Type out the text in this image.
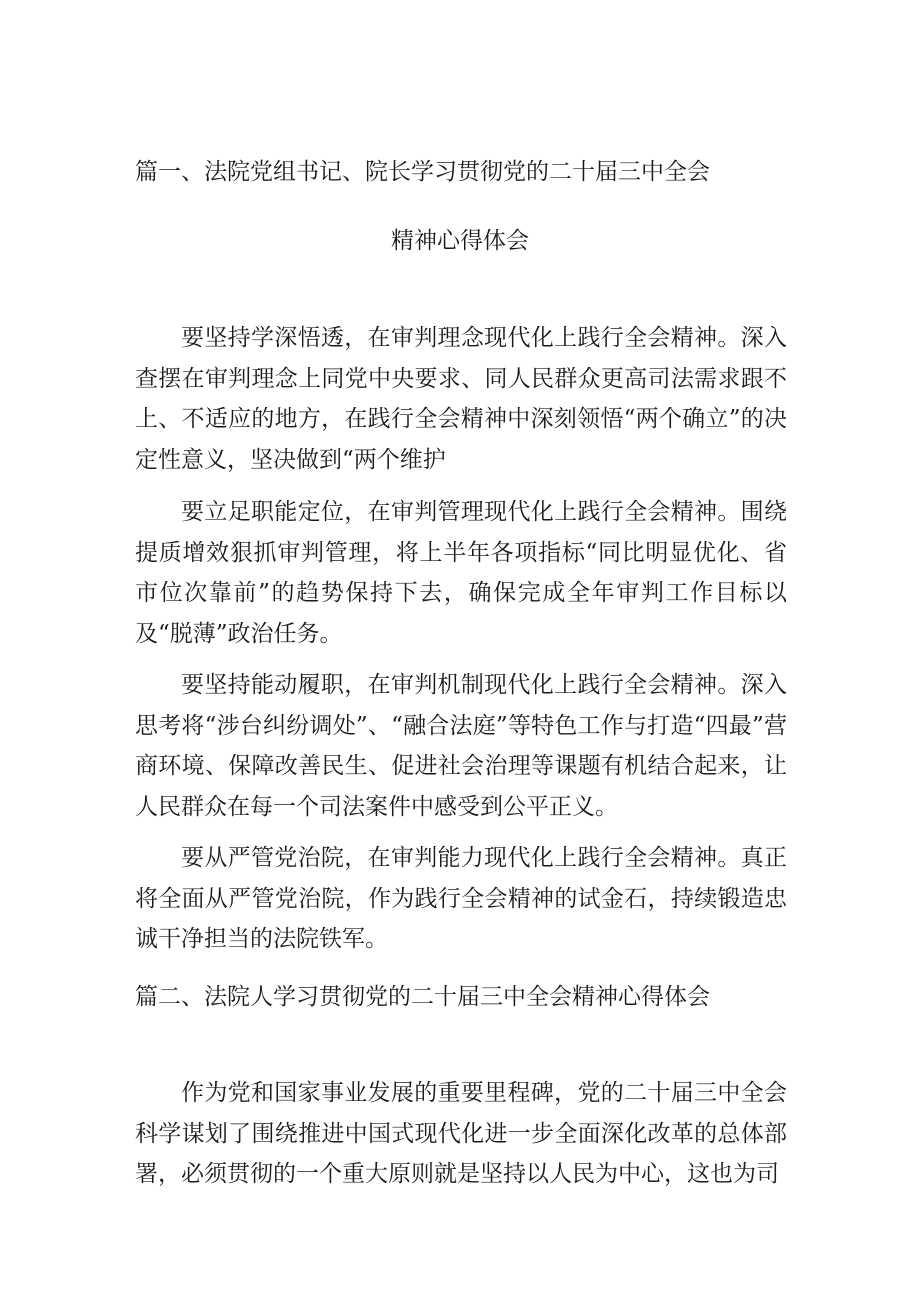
篇一、法院党组书记、院长学习贯彻党的二十届三中全会
精神心得体会

要坚持学深悟透，在审判理念现代化上践行全会精神。深入查摆在审判理念上同党中央要求、同人民群众更高司法需求跟不上、不适应的地方，在践行全会精神中深刻领悟“两个确立”的决定性意义，坚决做到“两个维护

要立足职能定位，在审判管理现代化上践行全会精神。围绕提质增效狠抓审判管理，将上半年各项指标“同比明显优化、省市位次靠前”的趋势保持下去，确保完成全年审判工作目标以及“脱薄”政治任务。

要坚持能动履职，在审判机制现代化上践行全会精神。深入思考将“涉台纠纷调处”、“融合法庭”等特色工作与打造“四最”营商环境、保障改善民生、促进社会治理等课题有机结合起来，让人民群众在每一个司法案件中感受到公平正义。

要从严管党治院，在审判能力现代化上践行全会精神。真正将全面从严管党治院，作为践行全会精神的试金石，持续锻造忠诚干净担当的法院铁军。

篇二、法院人学习贯彻党的二十届三中全会精神心得体会

作为党和国家事业发展的重要里程碑，党的二十届三中全会科学谋划了围绕推进中国式现代化进一步全面深化改革的总体部署，必须贯彻的一个重大原则就是坚持以人民为中心，这也为司
